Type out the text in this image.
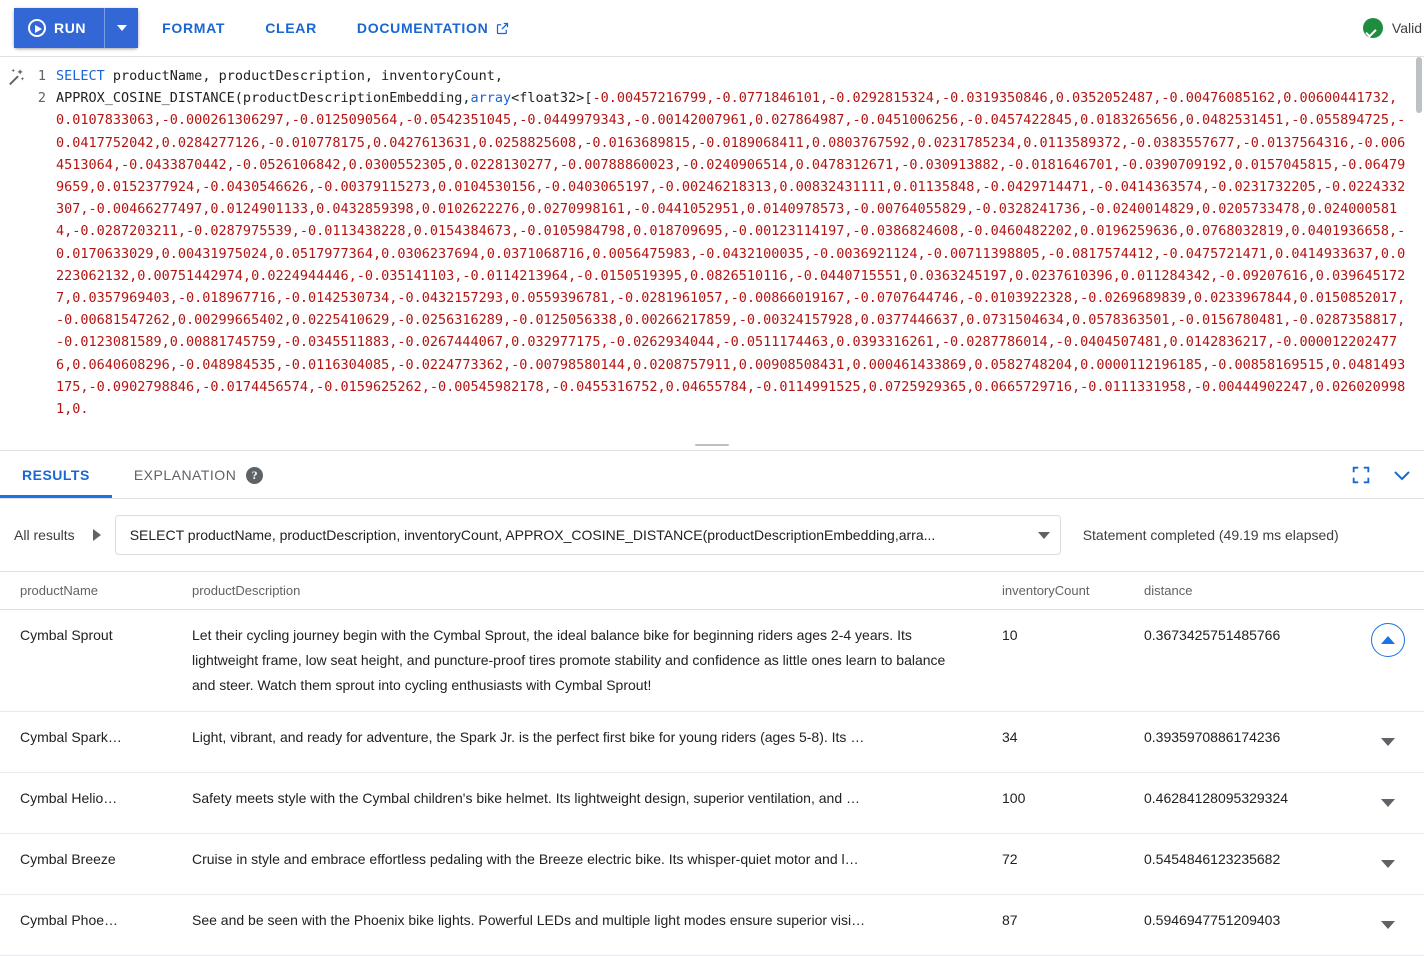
RUN	FORMAT	CLEAR	DOCUMENTATION	Valid
1
2
SELECT productName, productDescription, inventoryCount,
APPROX_COSINE_DISTANCE(productDescriptionEmbedding,array<float32>[-0.00457216799,-0.0771846101,-0.0292815324,-0.0319350846,0.0352052487,-0.00476085162,0.00600441732,0.0107833063,-0.000261306297,-0.0125090564,-0.0542351045,-0.0449979343,-0.00142007961,0.027864987,-0.0451006256,-0.0457422845,0.0183265656,0.0482531451,-0.055894725,-0.0417752042,0.0284277126,-0.010778175,0.0427613631,0.0258825608,-0.0163689815,-0.0189068411,0.0803767592,0.0231785234,0.0113589372,-0.0383557677,-0.0137564316,-0.0064513064,-0.0433870442,-0.0526106842,0.0300552305,0.0228130277,-0.00788860023,-0.0240906514,0.0478312671,-0.030913882,-0.0181646701,-0.0390709192,0.0157045815,-0.064799659,0.0152377924,-0.0430546626,-0.00379115273,0.0104530156,-0.0403065197,-0.00246218313,0.00832431111,0.01135848,-0.0429714471,-0.0414363574,-0.0231732205,-0.0224332307,-0.00466277497,0.0124901133,0.0432859398,0.0102622276,0.0270998161,-0.0441052951,0.0140978573,-0.00764055829,-0.0328241736,-0.0240014829,0.0205733478,0.0240005814,-0.0287203211,-0.0287975539,-0.0113438228,0.0154384673,-0.0105984798,0.018709695,-0.00123114197,-0.0386824608,-0.0460482202,0.0196259636,0.0768032819,0.0401936658,-0.0170633029,0.00431975024,0.0517977364,0.0306237694,0.0371068716,0.0056475983,-0.0432100035,-0.0036921124,-0.00711398805,-0.0817574412,-0.0475721471,0.0414933637,0.0223062132,0.00751442974,0.0224944446,-0.035141103,-0.0114213964,-0.0150519395,0.0826510116,-0.0440715551,0.0363245197,0.0237610396,0.011284342,-0.09207616,0.0396451727,0.0357969403,-0.018967716,-0.0142530734,-0.0432157293,0.0559396781,-0.0281961057,-0.00866019167,-0.0707644746,-0.0103922328,-0.0269689839,0.0233967844,0.0150852017,-0.00681547262,0.00299665402,0.0225410629,-0.0256316289,-0.0125056338,0.00266217859,-0.00324157928,0.0377446637,0.0731504634,0.0578363501,-0.0156780481,-0.0287358817,-0.0123081589,0.00881745759,-0.0345511883,-0.0267444067,0.032977175,-0.0262934044,-0.0511174463,0.0393316261,-0.0287786014,-0.0404507481,0.0142836217,-0.0000122024776,0.0640608296,-0.048984535,-0.0116304085,-0.0224773362,-0.00798580144,0.0208757911,0.00908508431,0.000461433869,0.0582748204,0.0000112196185,-0.00858169515,0.0481493175,-0.0902798846,-0.0174456574,-0.0159625262,-0.00545982178,-0.0455316752,0.04655784,-0.0114991525,0.0725929365,0.0665729716,-0.0111331958,-0.00444902247,0.0260209981,0.
RESULTS	EXPLANATION	?
All results	SELECT productName, productDescription, inventoryCount, APPROX_COSINE_DISTANCE(productDescriptionEmbedding,arra...	Statement completed (49.19 ms elapsed)
productName	productDescription	inventoryCount	distance	
Cymbal Sprout	Let their cycling journey begin with the Cymbal Sprout, the ideal balance bike for beginning riders ages 2-4 years. Its lightweight frame, low seat height, and puncture-proof tires promote stability and confidence as little ones learn to balance and steer. Watch them sprout into cycling enthusiasts with Cymbal Sprout!	10	0.3673425751485766	

Cymbal Spark…	Light, vibrant, and ready for adventure, the Spark Jr. is the perfect first bike for young riders (ages 5-8). Its …	34	0.3935970886174236	

Cymbal Helio…	Safety meets style with the Cymbal children's bike helmet. Its lightweight design, superior ventilation, and …	100	0.46284128095329324	

Cymbal Breeze	Cruise in style and embrace effortless pedaling with the Breeze electric bike. Its whisper-quiet motor and l…	72	0.5454846123235682	

Cymbal Phoe…	See and be seen with the Phoenix bike lights. Powerful LEDs and multiple light modes ensure superior visi…	87	0.5946947751209403	
